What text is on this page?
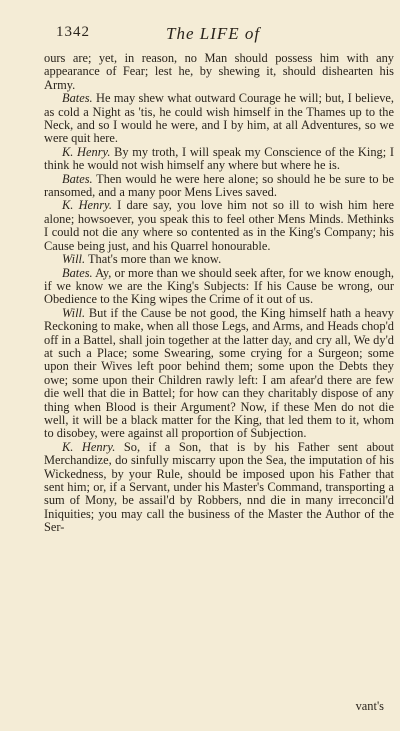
1342	The LIFE of

ours are; yet, in reason, no Man should possess him with any appearance of Fear; lest he, by shewing it, should dishearten his Army.

Bates. He may shew what outward Courage he will; but, I believe, as cold a Night as 'tis, he could wish himself in the Thames up to the Neck, and so I would he were, and I by him, at all Adventures, so we were quit here.

K. Henry. By my troth, I will speak my Conscience of the King; I think he would not wish himself any where but where he is.

Bates. Then would he were here alone; so should he be sure to be ransomed, and a many poor Mens Lives saved.

K. Henry. I dare say, you love him not so ill to wish him here alone; howsoever, you speak this to feel other Mens Minds. Methinks I could not die any where so contented as in the King's Company; his Cause being just, and his Quarrel honourable.

Will. That's more than we know.

Bates. Ay, or more than we should seek after, for we know enough, if we know we are the King's Subjects: If his Cause be wrong, our Obedience to the King wipes the Crime of it out of us.

Will. But if the Cause be not good, the King himself hath a heavy Reckoning to make, when all those Legs, and Arms, and Heads chop'd off in a Battel, shall join together at the latter day, and cry all, We dy'd at such a Place; some Swearing, some crying for a Surgeon; some upon their Wives left poor behind them; some upon the Debts they owe; some upon their Children rawly left: I am afear'd there are few die well that die in Battel; for how can they charitably dispose of any thing when Blood is their Argument? Now, if these Men do not die well, it will be a black matter for the King, that led them to it, whom to disobey, were against all proportion of Subjection.

K. Henry. So, if a Son, that is by his Father sent about Merchandize, do sinfully miscarry upon the Sea, the imputation of his Wickedness, by your Rule, should be imposed upon his Father that sent him; or, if a Servant, under his Master's Command, transporting a sum of Mony, be assail'd by Robbers, nnd die in many irreconcil'd Iniquities; you may call the business of the Master the Author of the Ser-

vant's
